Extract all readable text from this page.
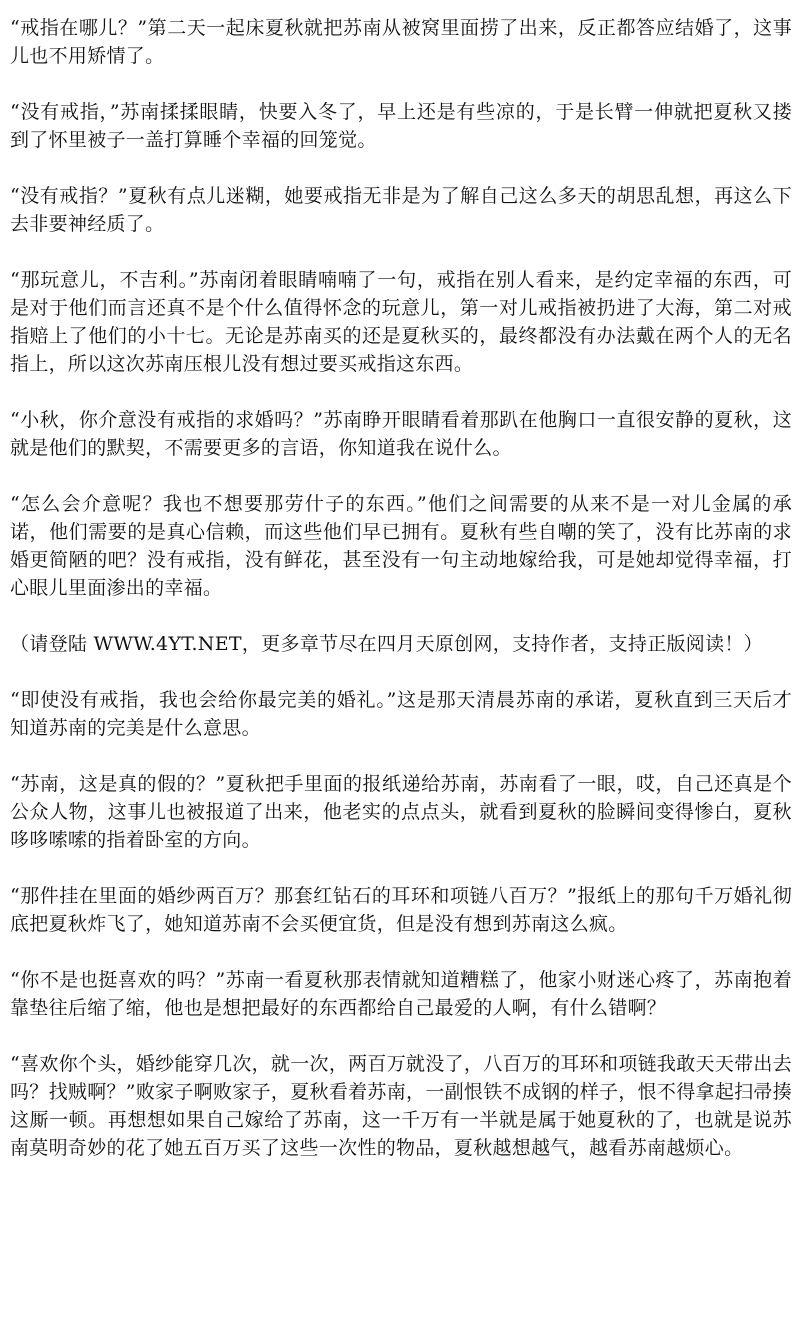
“戒指在哪儿？”第二天一起床夏秋就把苏南从被窝里面捞了出来，反正都答应结婚了，这事儿也不用矫情了。

“没有戒指，”苏南揉揉眼睛，快要入冬了，早上还是有些凉的，于是长臂一伸就把夏秋又搂到了怀里被子一盖打算睡个幸福的回笼觉。

“没有戒指？”夏秋有点儿迷糊，她要戒指无非是为了解自己这么多天的胡思乱想，再这么下去非要神经质了。

“那玩意儿，不吉利。”苏南闭着眼睛喃喃了一句，戒指在别人看来，是约定幸福的东西，可是对于他们而言还真不是个什么值得怀念的玩意儿，第一对儿戒指被扔进了大海，第二对戒指赔上了他们的小十七。无论是苏南买的还是夏秋买的，最终都没有办法戴在两个人的无名指上，所以这次苏南压根儿没有想过要买戒指这东西。

“小秋，你介意没有戒指的求婚吗？”苏南睁开眼睛看着那趴在他胸口一直很安静的夏秋，这就是他们的默契，不需要更多的言语，你知道我在说什么。

“怎么会介意呢？我也不想要那劳什子的东西。”他们之间需要的从来不是一对儿金属的承诺，他们需要的是真心信赖，而这些他们早已拥有。夏秋有些自嘲的笑了，没有比苏南的求婚更简陋的吧？没有戒指，没有鲜花，甚至没有一句主动地嫁给我，可是她却觉得幸福，打心眼儿里面渗出的幸福。

（请登陆 WWW.4YT.NET，更多章节尽在四月天原创网，支持作者，支持正版阅读！）

“即使没有戒指，我也会给你最完美的婚礼。”这是那天清晨苏南的承诺，夏秋直到三天后才知道苏南的完美是什么意思。

“苏南，这是真的假的？”夏秋把手里面的报纸递给苏南，苏南看了一眼，哎，自己还真是个公众人物，这事儿也被报道了出来，他老实的点点头，就看到夏秋的脸瞬间变得惨白，夏秋哆哆嗦嗦的指着卧室的方向。

“那件挂在里面的婚纱两百万？那套红钻石的耳环和项链八百万？”报纸上的那句千万婚礼彻底把夏秋炸飞了，她知道苏南不会买便宜货，但是没有想到苏南这么疯。

“你不是也挺喜欢的吗？”苏南一看夏秋那表情就知道糟糕了，他家小财迷心疼了，苏南抱着靠垫往后缩了缩，他也是想把最好的东西都给自己最爱的人啊，有什么错啊？

“喜欢你个头，婚纱能穿几次，就一次，两百万就没了，八百万的耳环和项链我敢天天带出去吗？找贼啊？”败家子啊败家子，夏秋看着苏南，一副恨铁不成钢的样子，恨不得拿起扫帚揍这厮一顿。再想想如果自己嫁给了苏南，这一千万有一半就是属于她夏秋的了，也就是说苏南莫明奇妙的花了她五百万买了这些一次性的物品，夏秋越想越气，越看苏南越烦心。
